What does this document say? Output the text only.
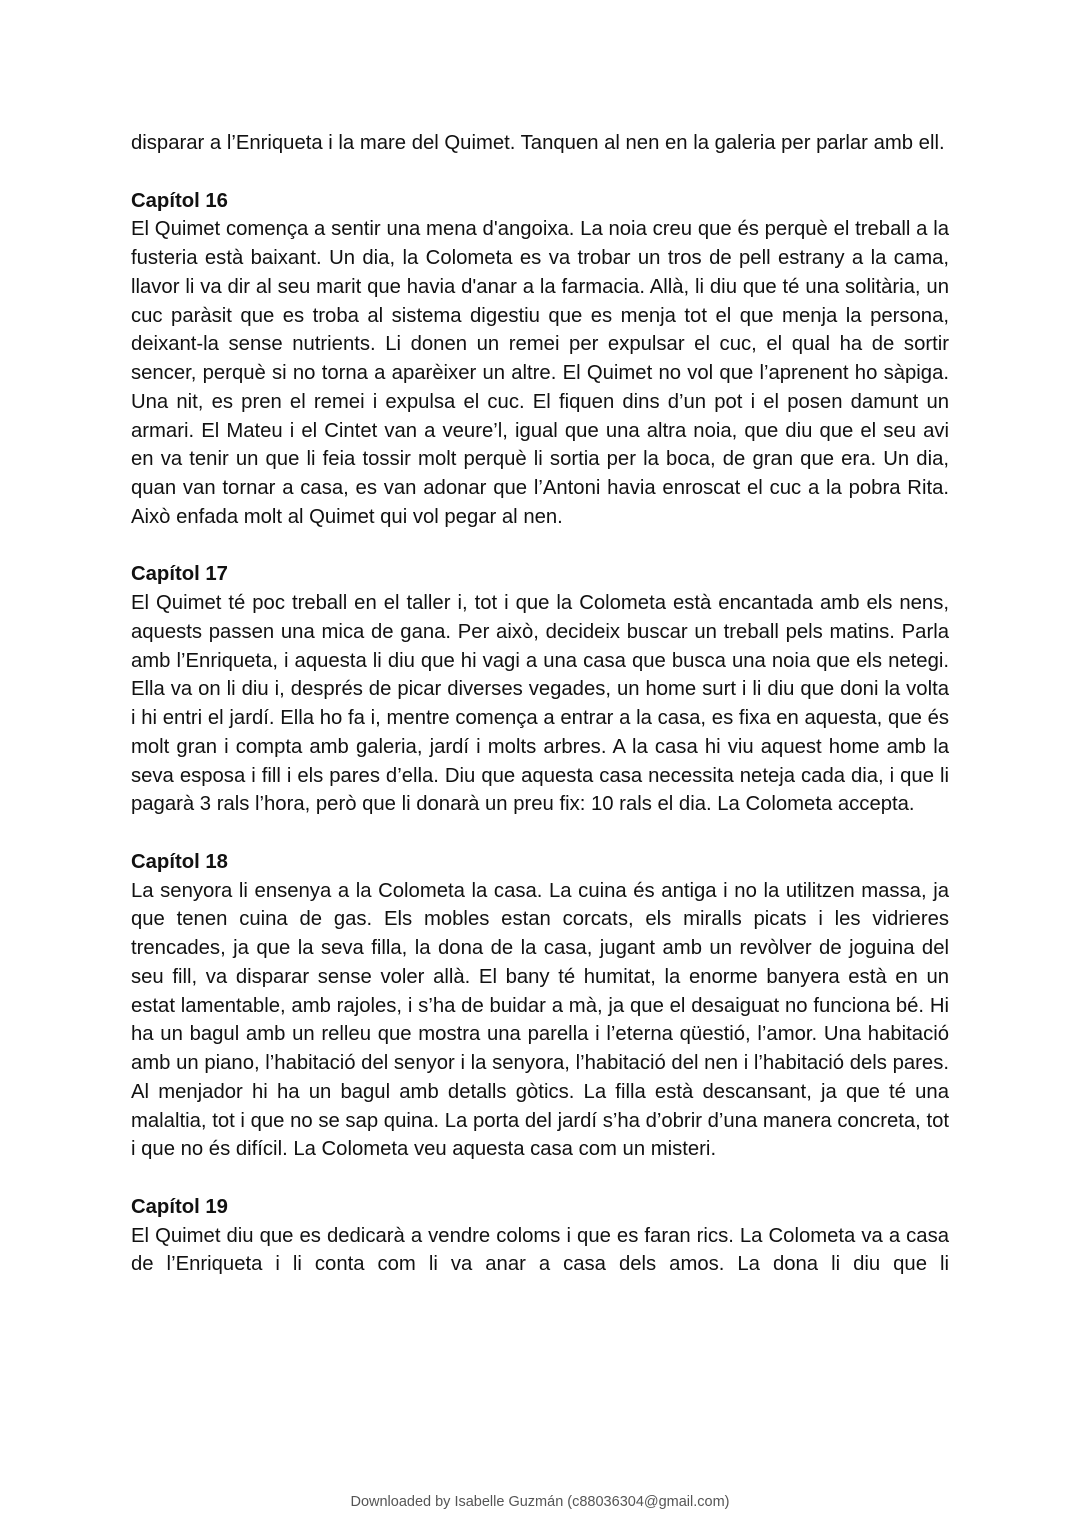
disparar a l’Enriqueta i la mare del Quimet. Tanquen al nen en la galeria per parlar amb ell.

Capítol 16

El Quimet comença a sentir una mena d'angoixa. La noia creu que és perquè el treball a la fusteria està baixant. Un dia, la Colometa es va trobar un tros de pell estrany a la cama, llavor li va dir al seu marit que havia d'anar a la farmacia. Allà, li diu que té una solitària, un cuc paràsit que es troba al sistema digestiu que es menja tot el que menja la persona, deixant-la sense nutrients. Li donen un remei per expulsar el cuc, el qual ha de sortir sencer, perquè si no torna a aparèixer un altre. El Quimet no vol que l’aprenent ho sàpiga. Una nit, es pren el remei i expulsa el cuc. El fiquen dins d’un pot i el posen damunt un armari. El Mateu i el Cintet van a veure’l, igual que una altra noia, que diu que el seu avi en va tenir un que li feia tossir molt perquè li sortia per la boca, de gran que era. Un dia, quan van tornar a casa, es van adonar que l’Antoni havia enroscat el cuc a la pobra Rita. Això enfada molt al Quimet qui vol pegar al nen.

Capítol 17

El Quimet té poc treball en el taller i, tot i que la Colometa està encantada amb els nens, aquests passen una mica de gana. Per això, decideix buscar un treball pels matins. Parla amb l’Enriqueta, i aquesta li diu que hi vagi a una casa que busca una noia que els netegi. Ella va on li diu i, després de picar diverses vegades, un home surt i li diu que doni la volta i hi entri el jardí. Ella ho fa i, mentre comença a entrar a la casa, es fixa en aquesta, que és molt gran i compta amb galeria, jardí i molts arbres. A la casa hi viu aquest home amb la seva esposa i fill i els pares d’ella. Diu que aquesta casa necessita neteja cada dia, i que li pagarà 3 rals l’hora, però que li donarà un preu fix: 10 rals el dia. La Colometa accepta.

Capítol 18

La senyora li ensenya a la Colometa la casa. La cuina és antiga i no la utilitzen massa, ja que tenen cuina de gas. Els mobles estan corcats, els miralls picats i les vidrieres trencades, ja que la seva filla, la dona de la casa, jugant amb un revòlver de joguina del seu fill, va disparar sense voler allà. El bany té humitat, la enorme banyera està en un estat lamentable, amb rajoles, i s’ha de buidar a mà, ja que el desaiguat no funciona bé. Hi ha un bagul amb un relleu que mostra una parella i l’eterna qüestió, l’amor. Una habitació amb un piano, l’habitació del senyor i la senyora, l’habitació del nen i l’habitació dels pares. Al menjador hi ha un bagul amb detalls gòtics. La filla està descansant, ja que té una malaltia, tot i que no se sap quina. La porta del jardí s’ha d’obrir d’una manera concreta, tot i que no és difícil. La Colometa veu aquesta casa com un misteri.

Capítol 19

El Quimet diu que es dedicarà a vendre coloms i que es faran rics. La Colometa va a casa de l’Enriqueta i li conta com li va anar a casa dels amos. La dona li diu que li

Downloaded by Isabelle Guzmán (c88036304@gmail.com)
